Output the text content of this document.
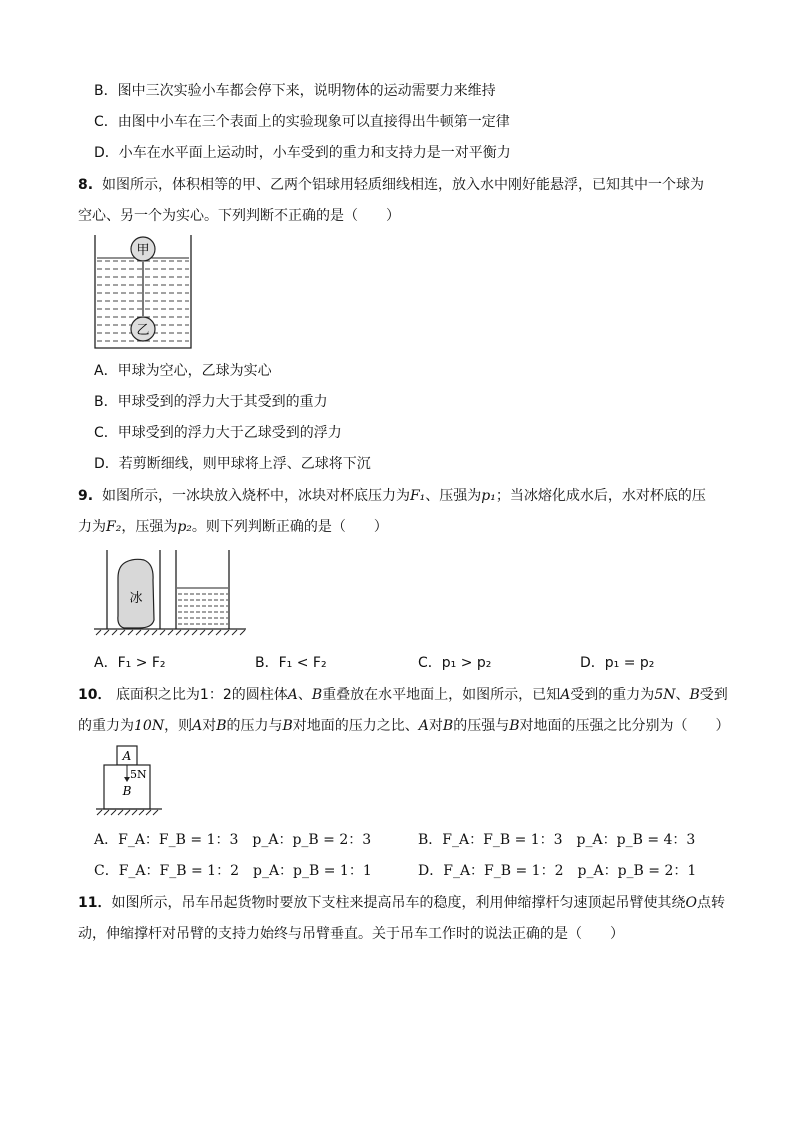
B．图中三次实验小车都会停下来，说明物体的运动需要力来维持
C．由图中小车在三个表面上的实验现象可以直接得出牛顿第一定律
D．小车在水平面上运动时，小车受到的重力和支持力是一对平衡力
8. 如图所示，体积相等的甲、乙两个铝球用轻质细线相连，放入水中刚好能悬浮，已知其中一个球为
空心、另一个为实心。下列判断不正确的是（　　）
甲
乙
A．甲球为空心，乙球为实心
B．甲球受到的浮力大于其受到的重力
C．甲球受到的浮力大于乙球受到的浮力
D．若剪断细线，则甲球将上浮、乙球将下沉
9. 如图所示，一冰块放入烧杯中，冰块对杯底压力为F₁、压强为p₁；当冰熔化成水后，水对杯底的压
力为F₂，压强为p₂。则下列判断正确的是（　　）
冰
A．F₁ > F₂	B．F₁ < F₂	C．p₁ > p₂	D．p₁ = p₂
10． 底面积之比为1：2的圆柱体A、B重叠放在水平地面上，如图所示，已知A受到的重力为5N、B受到
的重力为10N，则A对B的压力与B对地面的压力之比、A对B的压强与B对地面的压强之比分别为（　　）
A
5N
B
A．F_A：F_B = 1：3　p_A：p_B = 2：3	B．F_A：F_B = 1：3　p_A：p_B = 4：3
C．F_A：F_B = 1：2　p_A：p_B = 1：1	D．F_A：F_B = 1：2　p_A：p_B = 2：1
11．如图所示，吊车吊起货物时要放下支柱来提高吊车的稳度，利用伸缩撑杆匀速顶起吊臂使其绕O点转
动，伸缩撑杆对吊臂的支持力始终与吊臂垂直。关于吊车工作时的说法正确的是（　　）
